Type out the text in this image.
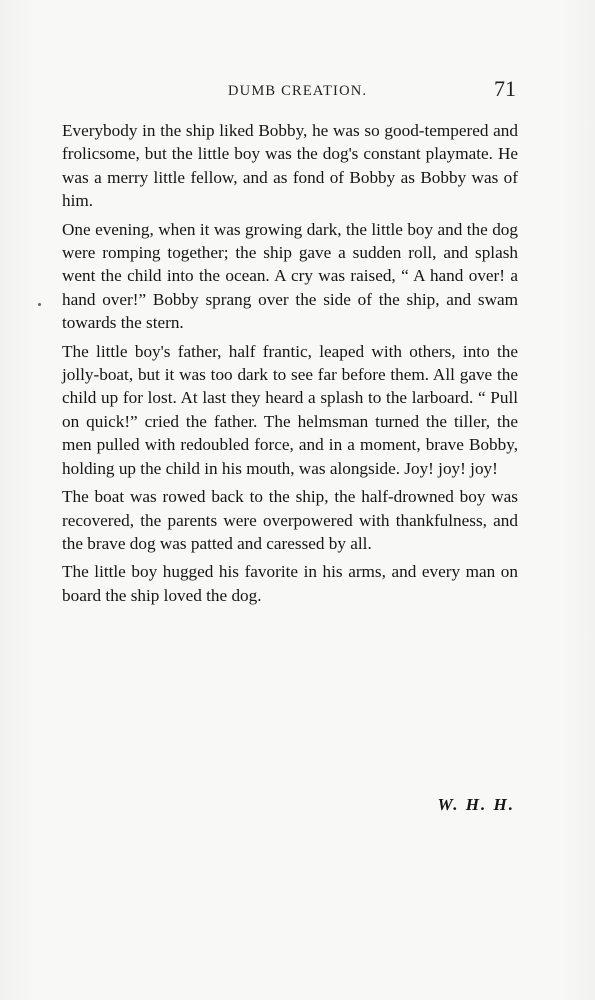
DUMB CREATION.	71

Everybody in the ship liked Bobby, he was so good-tempered and frolicsome, but the little boy was the dog's constant playmate. He was a merry little fellow, and as fond of Bobby as Bobby was of him.

One evening, when it was growing dark, the little boy and the dog were romping together; the ship gave a sudden roll, and splash went the child into the ocean. A cry was raised, “ A hand over! a hand over!” Bobby sprang over the side of the ship, and swam towards the stern.

The little boy's father, half frantic, leaped with others, into the jolly-boat, but it was too dark to see far before them. All gave the child up for lost. At last they heard a splash to the larboard. “ Pull on quick!” cried the father. The helmsman turned the tiller, the men pulled with redoubled force, and in a moment, brave Bobby, holding up the child in his mouth, was alongside. Joy! joy! joy!

The boat was rowed back to the ship, the half-drowned boy was recovered, the parents were overpowered with thankfulness, and the brave dog was patted and caressed by all.

The little boy hugged his favorite in his arms, and every man on board the ship loved the dog.

W. H. H.
